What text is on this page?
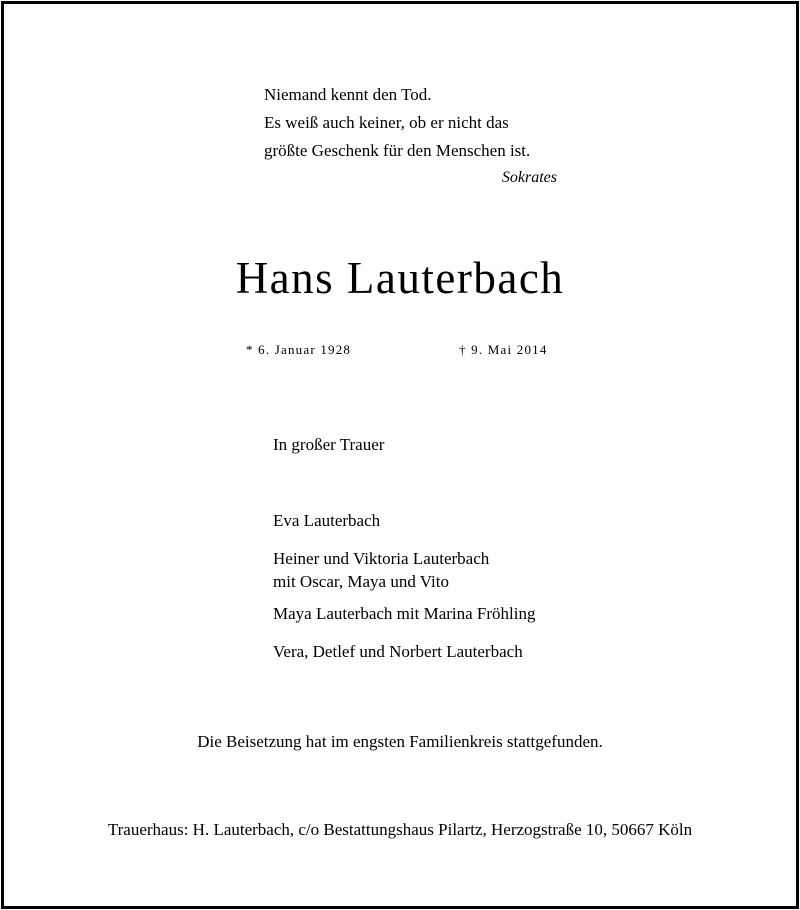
Niemand kennt den Tod.
Es weiß auch keiner, ob er nicht das
größte Geschenk für den Menschen ist.
Sokrates
Hans Lauterbach
* 6. Januar 1928	† 9. Mai 2014
In großer Trauer
Eva Lauterbach
Heiner und Viktoria Lauterbach
mit Oscar, Maya und Vito
Maya Lauterbach mit Marina Fröhling
Vera, Detlef und Norbert Lauterbach
Die Beisetzung hat im engsten Familienkreis stattgefunden.
Trauerhaus: H. Lauterbach, c/o Bestattungshaus Pilartz, Herzogstraße 10, 50667 Köln
